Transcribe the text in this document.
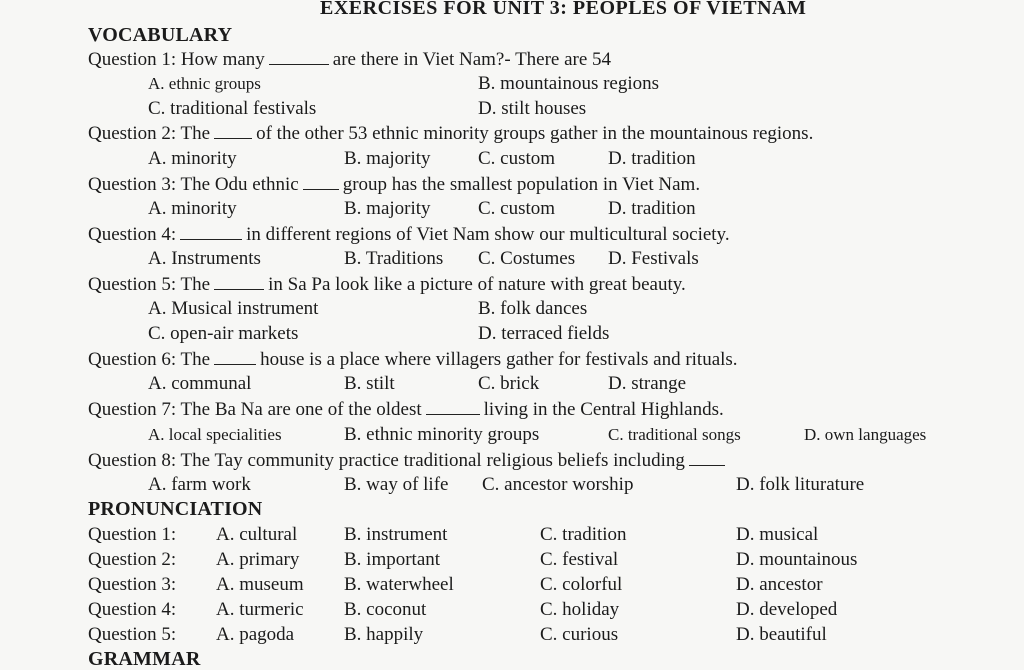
EXERCISES FOR UNIT 3: PEOPLES OF VIETNAM
VOCABULARY
Question 1: How many	are there in Viet Nam?- There are 54
A. ethnic groups	B. mountainous regions
C. traditional festivals	D. stilt houses
Question 2: The of the other 53 ethnic minority groups gather in the mountainous regions.
A. minority	B. majority C. custom	D. tradition
Question 3: The Odu ethnic group has the smallest population in Viet Nam.
A. minority	B. majority C. custom	D. tradition
Question 4:	in different regions of Viet Nam show our multicultural society.
A. Instruments	B. Traditions C. Costumes D. Festivals
Question 5: The	in Sa Pa look like a picture of nature with great beauty.
A. Musical instrument	B. folk dances
C. open-air markets	D. terraced fields
Question 6: The	house is a place where villagers gather for festivals and rituals.
A. communal	B. stilt	C. brick	D. strange
Question 7: The Ba Na are one of the oldest	living in the Central Highlands.
A. local specialities	B. ethnic minority groups	C. traditional songs	D. own languages
Question 8: The Tay community practice traditional religious beliefs including
A. farm work	B. way of life C. ancestor worship	D. folk liturature
PRONUNCIATION
Question 1: A. cultural B. instrument	C. tradition	D. musical
Question 2: A. primary B. important	C. festival	D. mountainous
Question 3: A. museum B. waterwheel	C. colorful	D. ancestor
Question 4: A. turmeric B. coconut	C. holiday	D. developed
Question 5: A. pagoda	B. happily	C. curious	D. beautiful
GRAMMAR
